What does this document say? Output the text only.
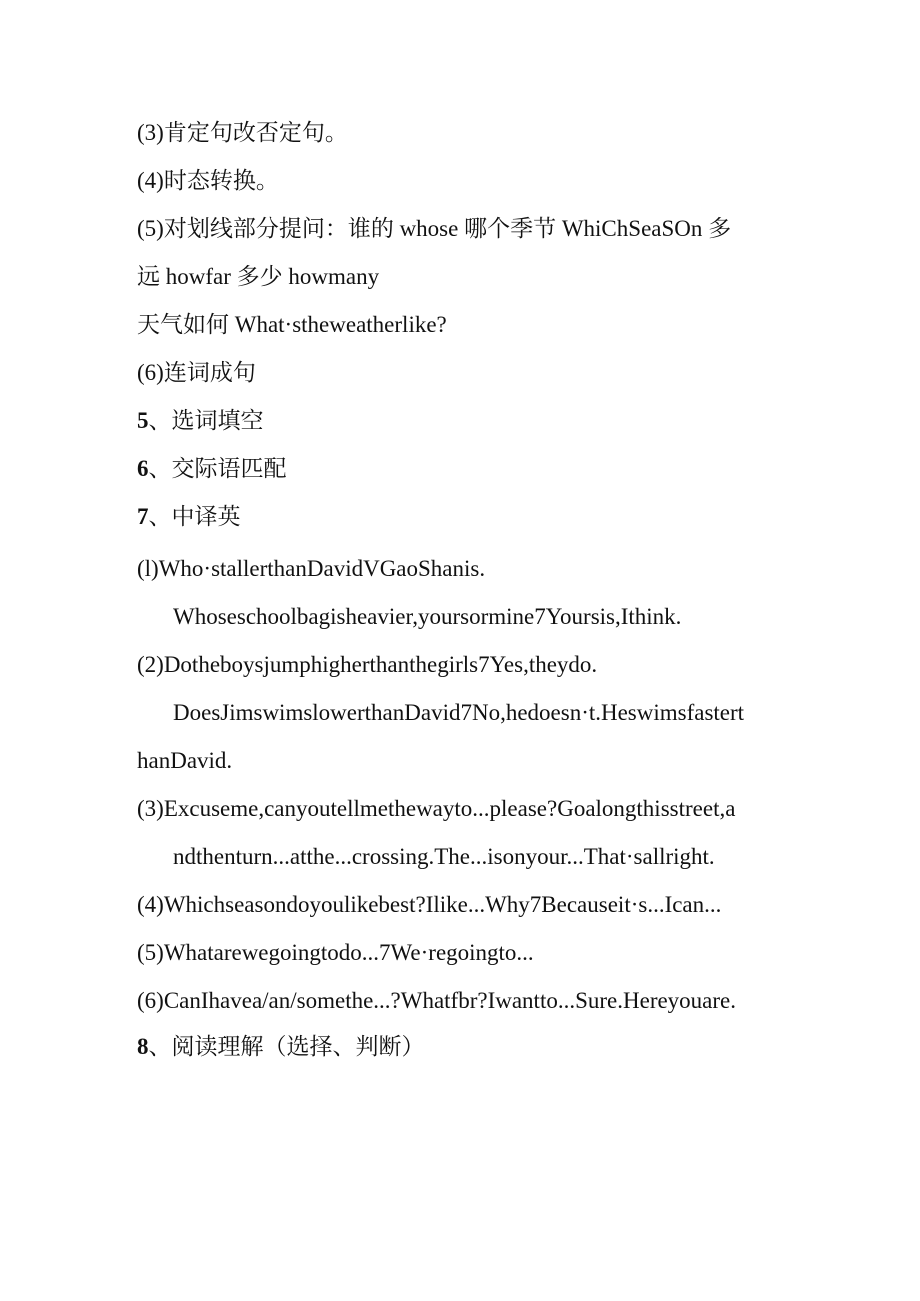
(3)肯定句改否定句。
(4)时态转换。
(5)对划线部分提问：谁的 whose 哪个季节 WhiChSeaSOn 多
远 howfar 多少 howmany
天气如何 What·stheweatherlike?
(6)连词成句
5、选词填空
6、交际语匹配
7、中译英
(l)Who·stallerthanDavidVGaoShanis.
Whoseschoolbagisheavier,yoursormine7Yoursis,Ithink.
(2)Dotheboysjumphigherthanthegirls7Yes,theydo.
DoesJimswimslowerthanDavid7No,hedoesn·t.Heswimsfastert
hanDavid.
(3)Excuseme,canyoutellmethewayto...please?Goalongthisstreet,a
ndthenturn...atthe...crossing.The...isonyour...That·sallright.
(4)Whichseasondoyoulikebest?Ilike...Why7Becauseit·s...Ican...
(5)Whatarewegoingtodo...7We·regoingto...
(6)CanIhavea/an/somethe...?Whatfbr?Iwantto...Sure.Hereyouare.
8、阅读理解（选择、判断）
